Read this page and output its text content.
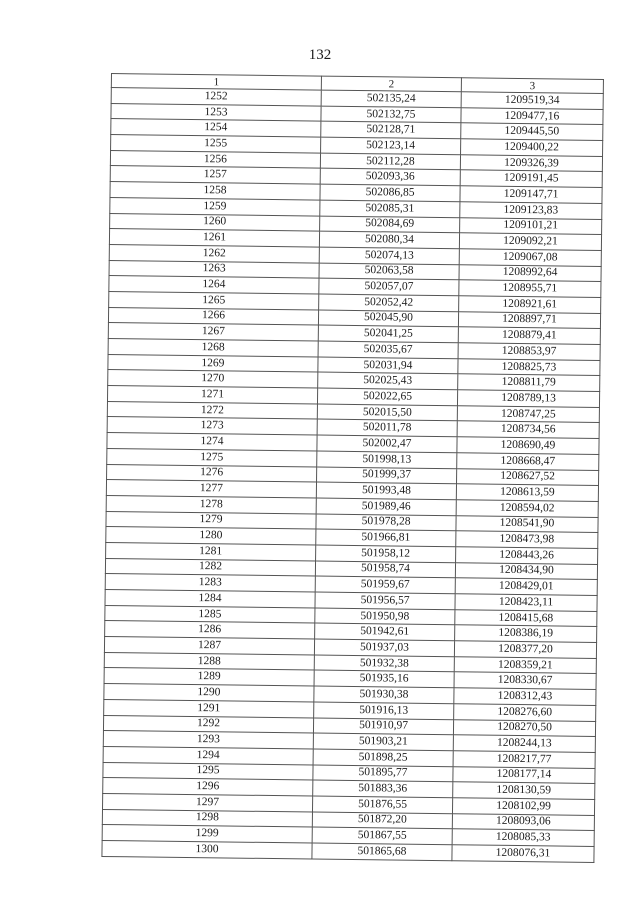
132
1	2	3
1252	502135,24	1209519,34
1253	502132,75	1209477,16
1254	502128,71	1209445,50
1255	502123,14	1209400,22
1256	502112,28	1209326,39
1257	502093,36	1209191,45
1258	502086,85	1209147,71
1259	502085,31	1209123,83
1260	502084,69	1209101,21
1261	502080,34	1209092,21
1262	502074,13	1209067,08
1263	502063,58	1208992,64
1264	502057,07	1208955,71
1265	502052,42	1208921,61
1266	502045,90	1208897,71
1267	502041,25	1208879,41
1268	502035,67	1208853,97
1269	502031,94	1208825,73
1270	502025,43	1208811,79
1271	502022,65	1208789,13
1272	502015,50	1208747,25
1273	502011,78	1208734,56
1274	502002,47	1208690,49
1275	501998,13	1208668,47
1276	501999,37	1208627,52
1277	501993,48	1208613,59
1278	501989,46	1208594,02
1279	501978,28	1208541,90
1280	501966,81	1208473,98
1281	501958,12	1208443,26
1282	501958,74	1208434,90
1283	501959,67	1208429,01
1284	501956,57	1208423,11
1285	501950,98	1208415,68
1286	501942,61	1208386,19
1287	501937,03	1208377,20
1288	501932,38	1208359,21
1289	501935,16	1208330,67
1290	501930,38	1208312,43
1291	501916,13	1208276,60
1292	501910,97	1208270,50
1293	501903,21	1208244,13
1294	501898,25	1208217,77
1295	501895,77	1208177,14
1296	501883,36	1208130,59
1297	501876,55	1208102,99
1298	501872,20	1208093,06
1299	501867,55	1208085,33
1300	501865,68	1208076,31
